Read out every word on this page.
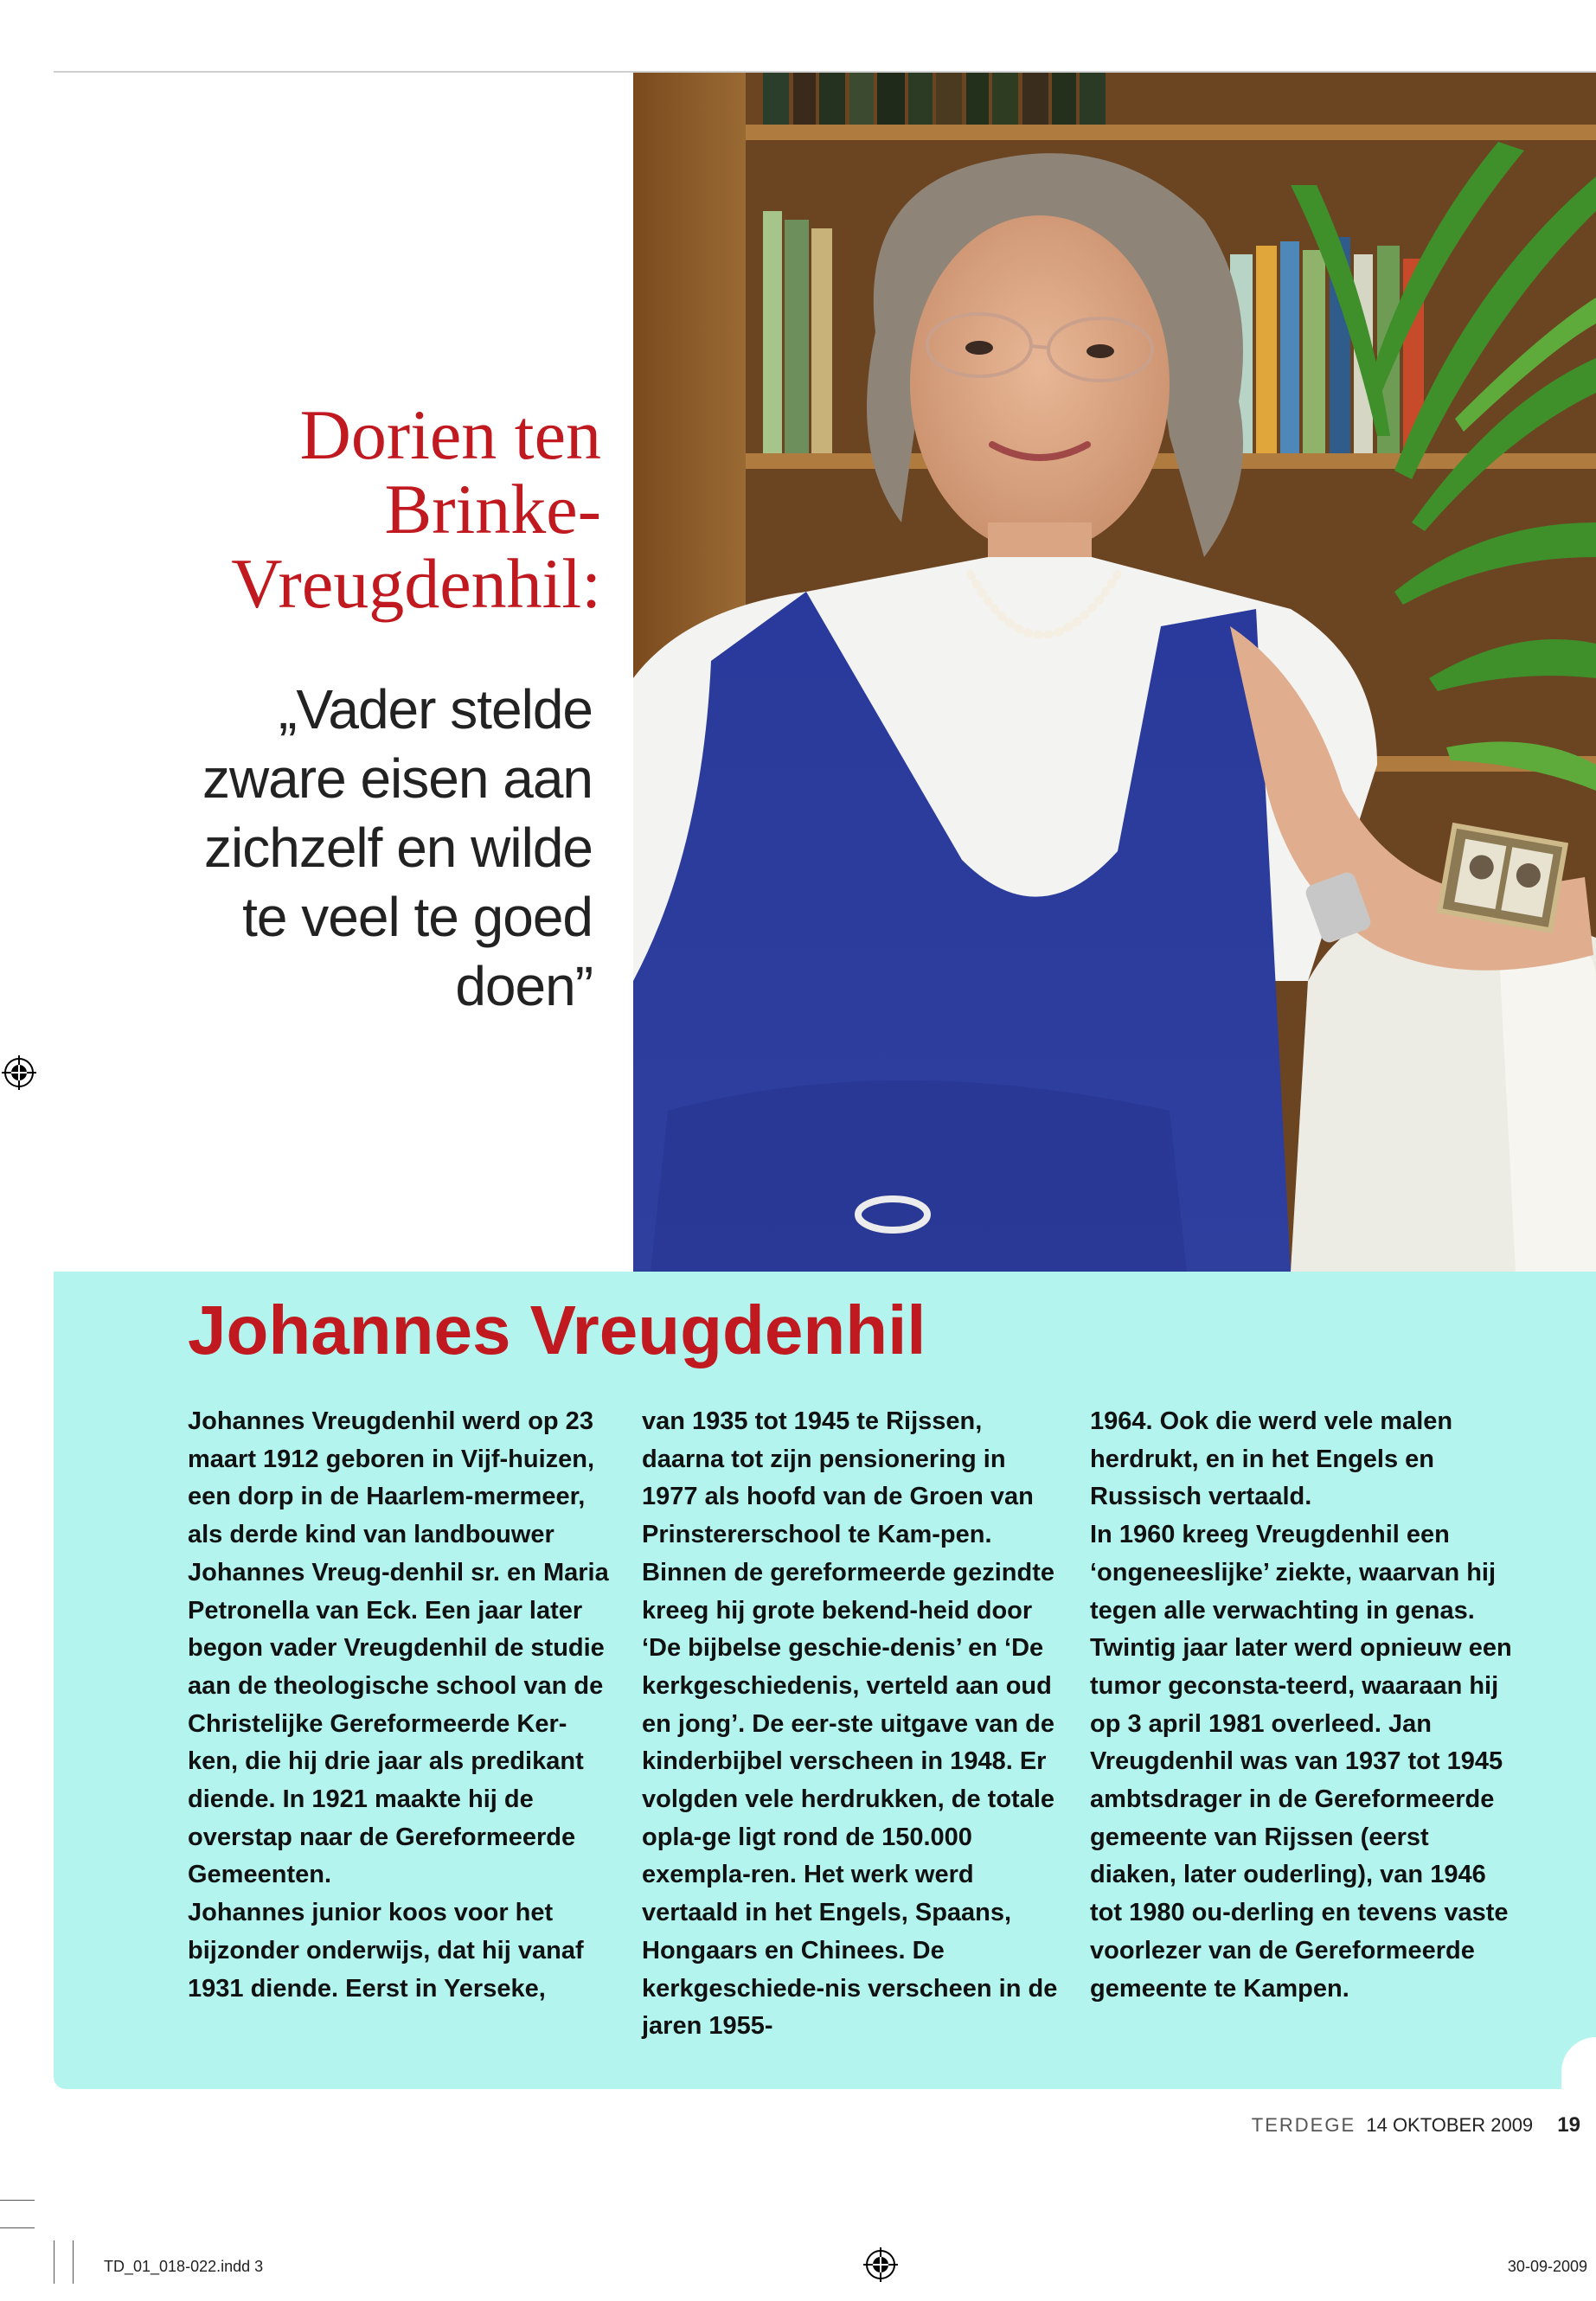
Dorien ten
Brinke-
Vreugdenhil:
„Vader stelde
zware eisen aan
zichzelf en wilde
te veel te goed
doen”
Johannes Vreugdenhil

Johannes Vreugdenhil werd op 23 maart 1912 geboren in Vijf-huizen, een dorp in de Haarlem-mermeer, als derde kind van landbouwer Johannes Vreug-denhil sr. en Maria Petronella van Eck. Een jaar later begon vader Vreugdenhil de studie aan de theologische school van de Christelijke Gereformeerde Ker-ken, die hij drie jaar als predikant diende. In 1921 maakte hij de overstap naar de Gereformeerde Gemeenten.

Johannes junior koos voor het bijzonder onderwijs, dat hij vanaf 1931 diende. Eerst in Yerseke,

van 1935 tot 1945 te Rijssen, daarna tot zijn pensionering in 1977 als hoofd van de Groen van Prinstererschool te Kam-pen. Binnen de gereformeerde gezindte kreeg hij grote bekend-heid door ‘De bijbelse geschie-denis’ en ‘De kerkgeschiedenis, verteld aan oud en jong’. De eer-ste uitgave van de kinderbijbel verscheen in 1948. Er volgden vele herdrukken, de totale opla-ge ligt rond de 150.000 exempla-ren. Het werk werd vertaald in het Engels, Spaans, Hongaars en Chinees. De kerkgeschiede-nis verscheen in de jaren 1955-

1964. Ook die werd vele malen herdrukt, en in het Engels en Russisch vertaald.

In 1960 kreeg Vreugdenhil een ‘ongeneeslijke’ ziekte, waarvan hij tegen alle verwachting in genas. Twintig jaar later werd opnieuw een tumor geconsta-teerd, waaraan hij op 3 april 1981 overleed. Jan Vreugdenhil was van 1937 tot 1945 ambtsdrager in de Gereformeerde gemeente van Rijssen (eerst diaken, later ouderling), van 1946 tot 1980 ou-derling en tevens vaste voorlezer van de Gereformeerde gemeente te Kampen.

TERDEGE 14 OKTOBER 2009 19
TD_01_018-022.indd 3	30-09-2009
